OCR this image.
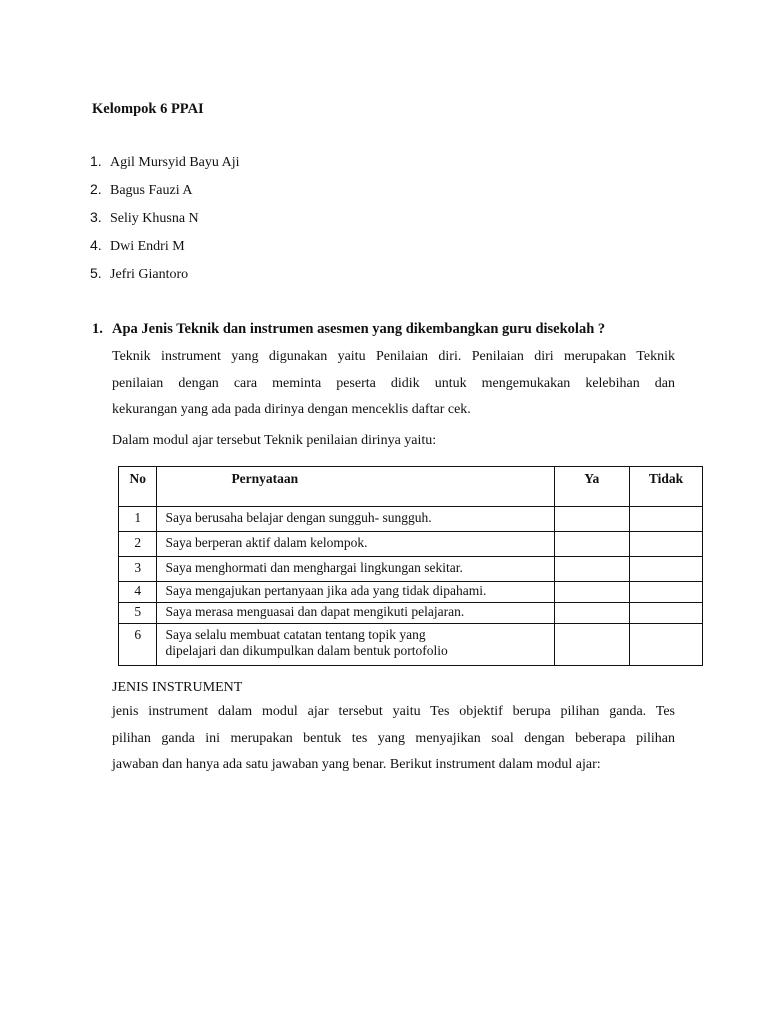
Kelompok 6 PPAI
1. Agil Mursyid Bayu Aji
2. Bagus Fauzi A
3. Seliy Khusna N
4. Dwi Endri M
5. Jefri Giantoro
1. Apa Jenis Teknik dan instrumen asesmen yang dikembangkan guru disekolah ?
Teknik instrument yang digunakan yaitu Penilaian diri. Penilaian diri merupakan Teknik
penilaian dengan cara meminta peserta didik untuk mengemukakan kelebihan dan
kekurangan yang ada pada dirinya dengan menceklis daftar cek.
Dalam modul ajar tersebut Teknik penilaian dirinya yaitu:
No	Pernyataan	Ya	Tidak
1	Saya berusaha belajar dengan sungguh- sungguh.		
2	Saya berperan aktif dalam kelompok.		
3	Saya menghormati dan menghargai lingkungan sekitar.		
4	Saya mengajukan pertanyaan jika ada yang tidak dipahami.		
5	Saya merasa menguasai dan dapat mengikuti pelajaran.		
6	Saya selalu membuat catatan tentang topik yang
dipelajari dan dikumpulkan dalam bentuk portofolio		

JENIS INSTRUMENT
jenis instrument dalam modul ajar tersebut yaitu Tes objektif berupa pilihan ganda. Tes
pilihan ganda ini merupakan bentuk tes yang menyajikan soal dengan beberapa pilihan
jawaban dan hanya ada satu jawaban yang benar. Berikut instrument dalam modul ajar:
